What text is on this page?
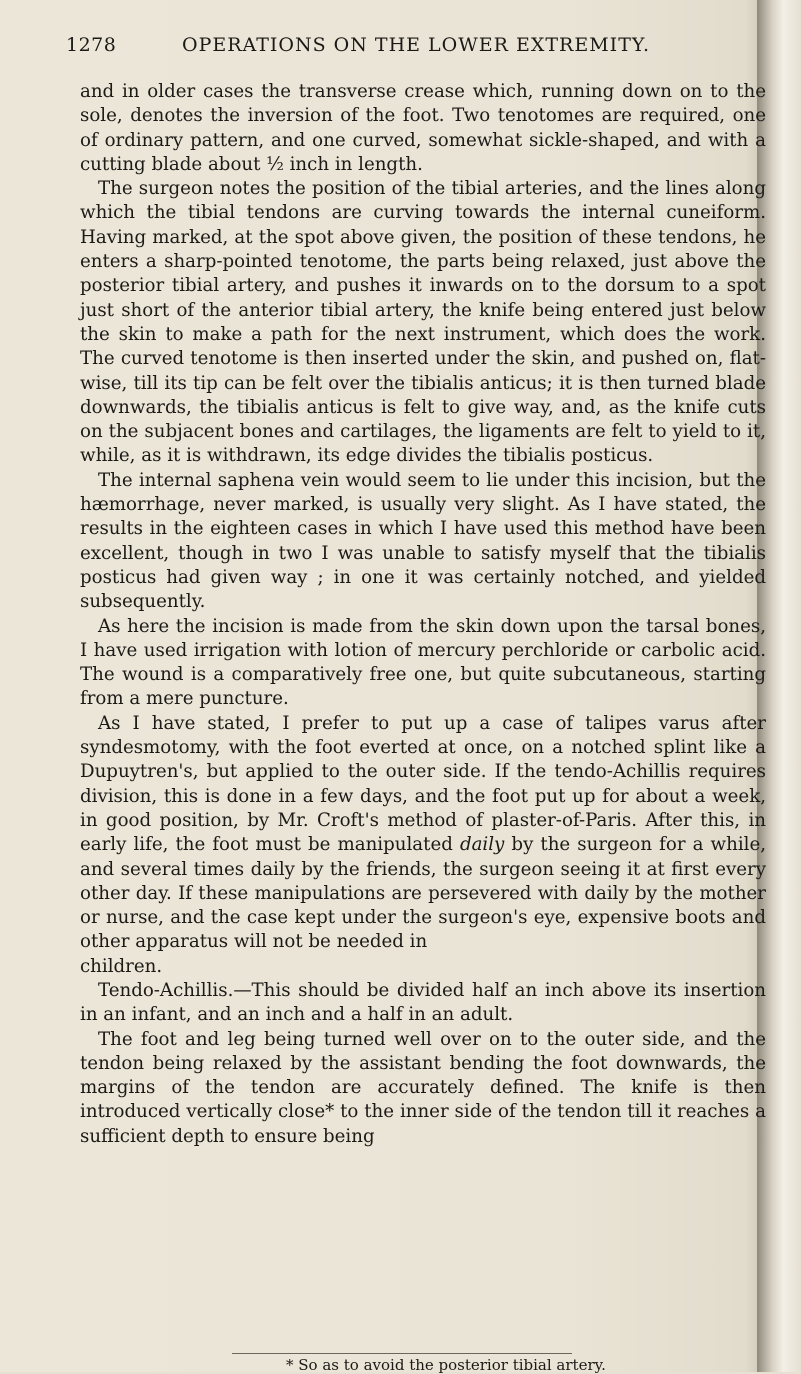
1278	OPERATIONS ON THE LOWER EXTREMITY.

and in older cases the transverse crease which, running down on to the sole, denotes the inversion of the foot. Two tenotomes are required, one of ordinary pattern, and one curved, somewhat sickle-shaped, and with a cutting blade about ½ inch in length.

The surgeon notes the position of the tibial arteries, and the lines along which the tibial tendons are curving towards the internal cuneiform. Having marked, at the spot above given, the position of these tendons, he enters a sharp-pointed tenotome, the parts being relaxed, just above the posterior tibial artery, and pushes it inwards on to the dorsum to a spot just short of the anterior tibial artery, the knife being entered just below the skin to make a path for the next instrument, which does the work. The curved tenotome is then inserted under the skin, and pushed on, flat-wise, till its tip can be felt over the tibialis anticus; it is then turned blade downwards, the tibialis anticus is felt to give way, and, as the knife cuts on the subjacent bones and cartilages, the ligaments are felt to yield to it, while, as it is withdrawn, its edge divides the tibialis posticus.

The internal saphena vein would seem to lie under this incision, but the hæmorrhage, never marked, is usually very slight. As I have stated, the results in the eighteen cases in which I have used this method have been excellent, though in two I was unable to satisfy myself that the tibialis posticus had given way ; in one it was certainly notched, and yielded subsequently.

As here the incision is made from the skin down upon the tarsal bones, I have used irrigation with lotion of mercury perchloride or carbolic acid. The wound is a comparatively free one, but quite subcutaneous, starting from a mere puncture.

As I have stated, I prefer to put up a case of talipes varus after syndesmotomy, with the foot everted at once, on a notched splint like a Dupuytren's, but applied to the outer side. If the tendo-Achillis requires division, this is done in a few days, and the foot put up for about a week, in good position, by Mr. Croft's method of plaster-of-Paris. After this, in early life, the foot must be manipulated daily by the surgeon for a while, and several times daily by the friends, the surgeon seeing it at first every other day. If these manipulations are persevered with daily by the mother or nurse, and the case kept under the surgeon's eye, expensive boots and other apparatus will not be needed in

children.

Tendo-Achillis.—This should be divided half an inch above its insertion in an infant, and an inch and a half in an adult.

The foot and leg being turned well over on to the outer side, and the tendon being relaxed by the assistant bending the foot downwards, the margins of the tendon are accurately defined. The knife is then introduced vertically close* to the inner side of the tendon till it reaches a sufficient depth to ensure being

* So as to avoid the posterior tibial artery.
